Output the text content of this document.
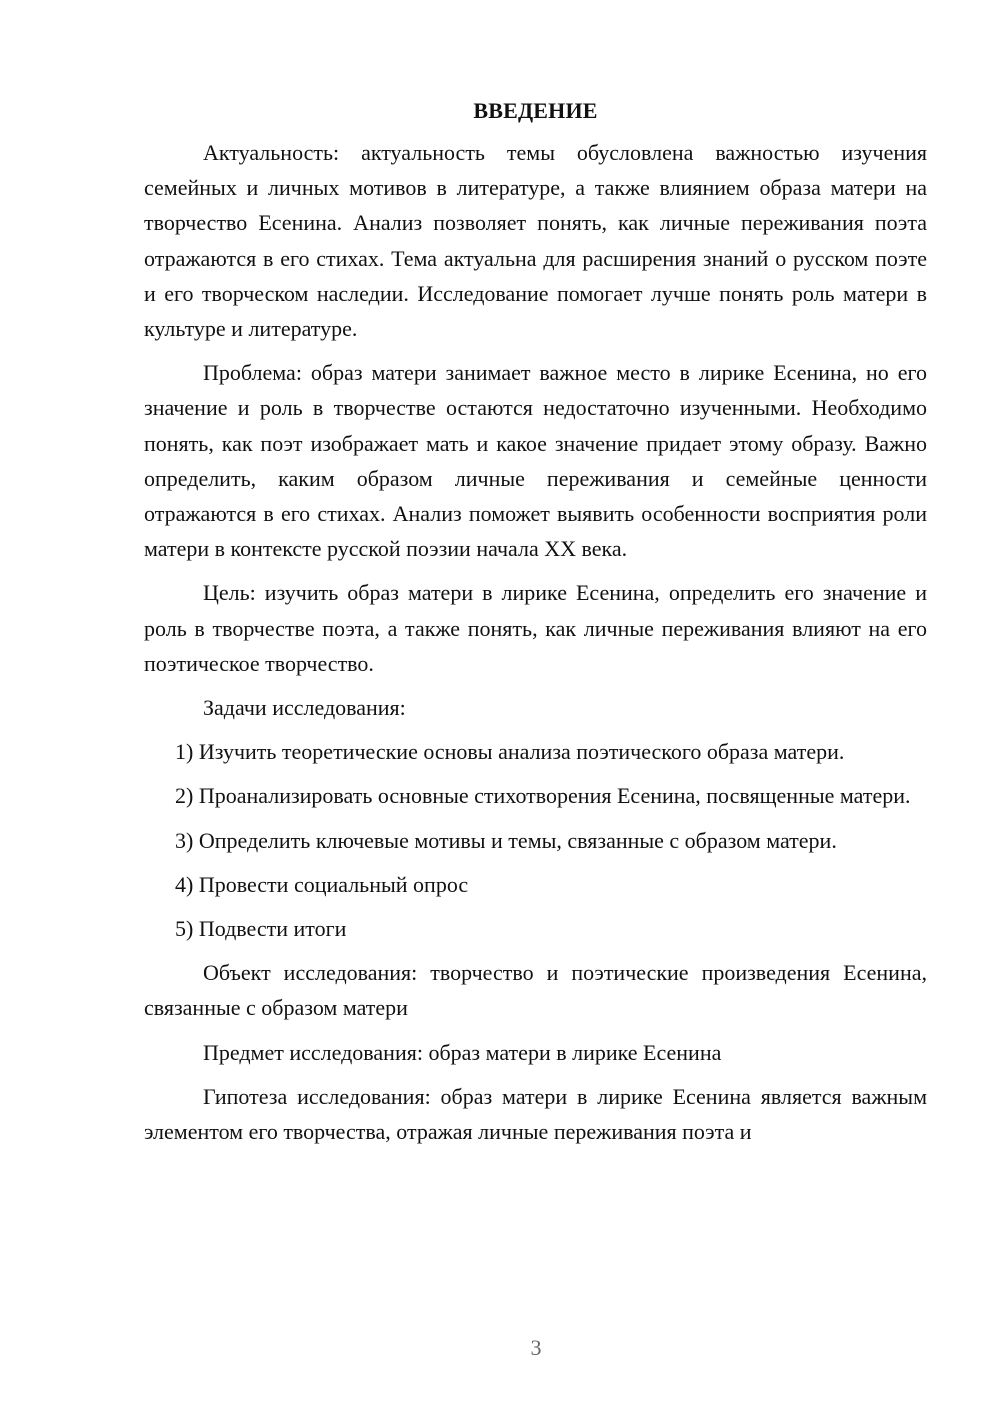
ВВЕДЕНИЕ

Актуальность: актуальность темы обусловлена важностью изучения семейных и личных мотивов в литературе, а также влиянием образа матери на творчество Есенина. Анализ позволяет понять, как личные переживания поэта отражаются в его стихах. Тема актуальна для расширения знаний о русском поэте и его творческом наследии. Исследование помогает лучше понять роль матери в культуре и литературе.

Проблема: образ матери занимает важное место в лирике Есенина, но его значение и роль в творчестве остаются недостаточно изученными. Необходимо понять, как поэт изображает мать и какое значение придает этому образу. Важно определить, каким образом личные переживания и семейные ценности отражаются в его стихах. Анализ поможет выявить особенности восприятия роли матери в контексте русской поэзии начала XX века.

Цель: изучить образ матери в лирике Есенина, определить его значение и роль в творчестве поэта, а также понять, как личные переживания влияют на его поэтическое творчество.

Задачи исследования:

1) Изучить теоретические основы анализа поэтического образа матери.

2) Проанализировать основные стихотворения Есенина, посвященные матери.

3) Определить ключевые мотивы и темы, связанные с образом матери.

4) Провести социальный опрос

5) Подвести итоги

Объект исследования: творчество и поэтические произведения Есенина, связанные с образом матери

Предмет исследования: образ матери в лирике Есенина

Гипотеза исследования: образ матери в лирике Есенина является важным элементом его творчества, отражая личные переживания поэта и

3
